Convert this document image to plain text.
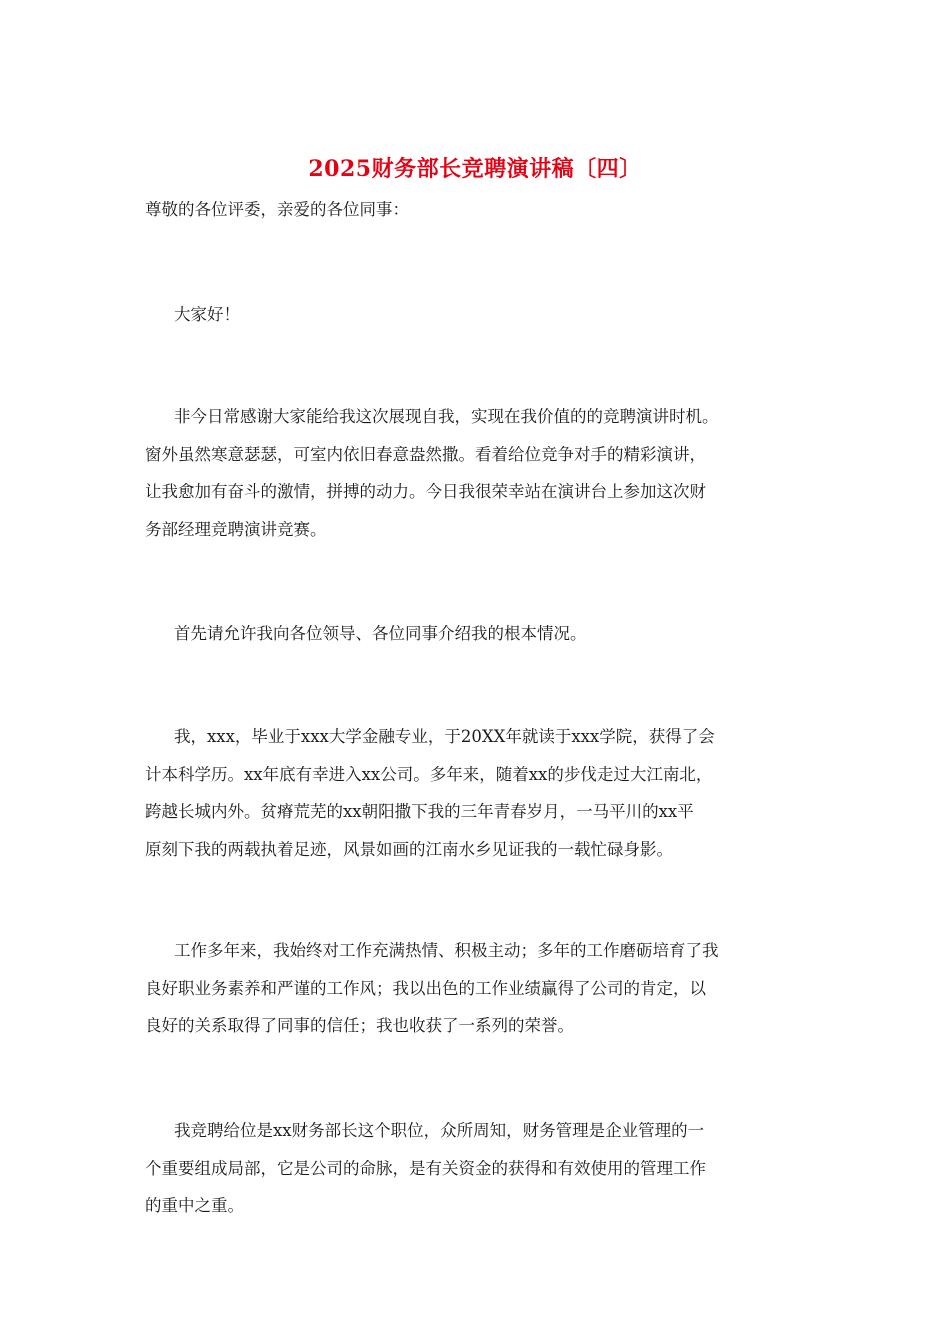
2025财务部长竞聘演讲稿〔四〕
尊敬的各位评委，亲爱的各位同事：
大家好！
非今日常感谢大家能给我这次展现自我，实现在我价值的的竞聘演讲时机。
窗外虽然寒意瑟瑟，可室内依旧春意盎然撒。看着给位竞争对手的精彩演讲，
让我愈加有奋斗的激情，拼搏的动力。今日我很荣幸站在演讲台上参加这次财
务部经理竞聘演讲竞赛。
首先请允许我向各位领导、各位同事介绍我的根本情况。
我，xxx，毕业于xxx大学金融专业，于20XX年就读于xxx学院，获得了会
计本科学历。xx年底有幸进入xx公司。多年来，随着xx的步伐走过大江南北，
跨越长城内外。贫瘠荒芜的xx朝阳撒下我的三年青春岁月，一马平川的xx平
原刻下我的两载执着足迹，风景如画的江南水乡见证我的一载忙碌身影。
工作多年来，我始终对工作充满热情、积极主动；多年的工作磨砺培育了我
良好职业务素养和严谨的工作风；我以出色的工作业绩赢得了公司的肯定，以
良好的关系取得了同事的信任；我也收获了一系列的荣誉。
我竞聘给位是xx财务部长这个职位，众所周知，财务管理是企业管理的一
个重要组成局部，它是公司的命脉，是有关资金的获得和有效使用的管理工作
的重中之重。
